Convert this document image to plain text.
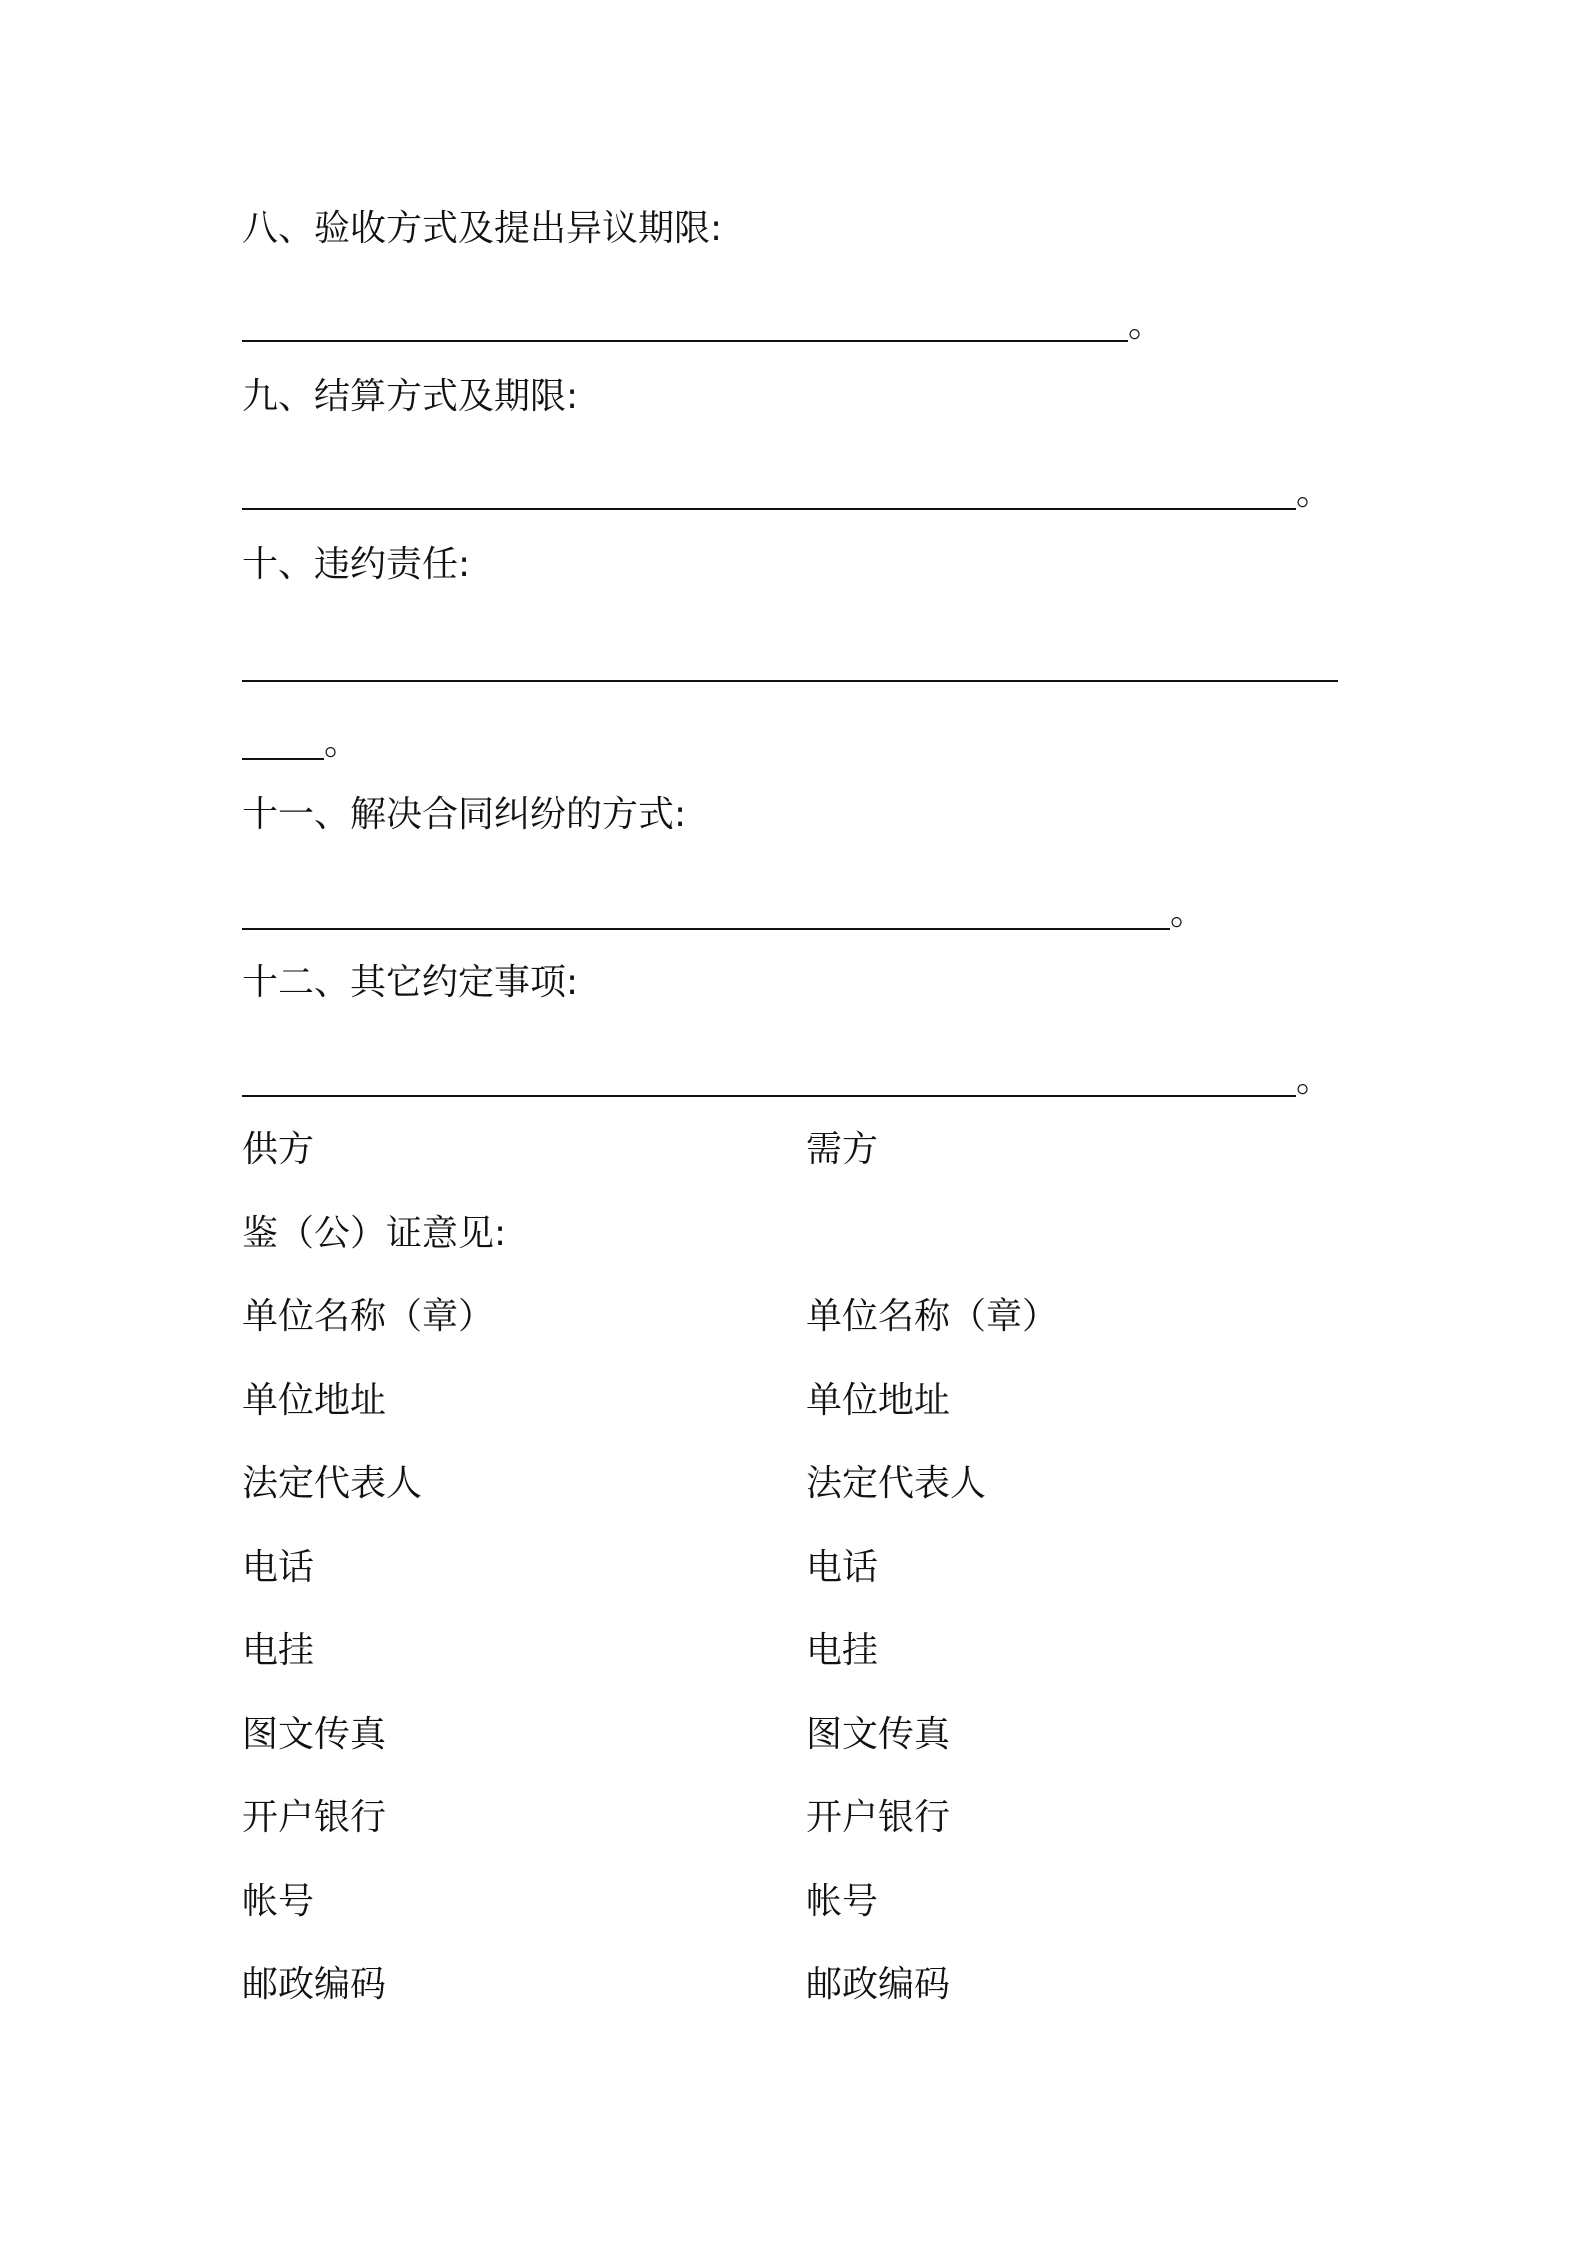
八、验收方式及提出异议期限:
。
九、结算方式及期限:
。
十、违约责任:
。
十一、解决合同纠纷的方式:
。
十二、其它约定事项:
。
供方	需方
鉴（公）证意见:
单位名称（章）
单位地址
法定代表人
电话
电挂
图文传真
开户银行
帐号
邮政编码
单位名称（章）
单位地址
法定代表人
电话
电挂
图文传真
开户银行
帐号
邮政编码
